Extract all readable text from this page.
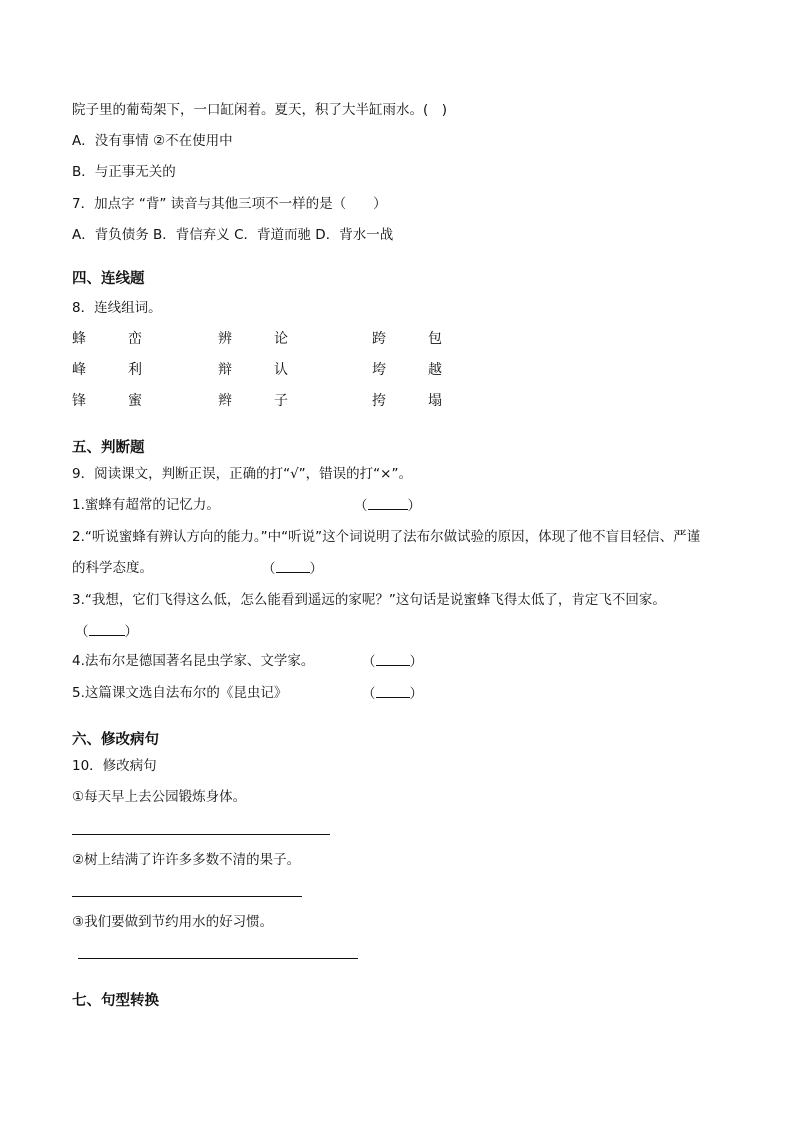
院子里的葡萄架下，一口缸闲着。夏天，积了大半缸雨水。(　)
A．没有事情 ②不在使用中
B．与正事无关的
7．加点字 “背” 读音与其他三项不一样的是（　　）
A．背负债务 B．背信弃义 C．背道而驰 D．背水一战
四、连线题
8．连线组词。
蜂	峦	辨	论	跨	包
峰	利	辩	认	垮	越
锋	蜜	辫	子	挎	塌
五、判断题
9．阅读课文，判断正误，正确的打“√”，错误的打“×”。
1.蜜蜂有超常的记忆力。	（	）
2.“听说蜜蜂有辨认方向的能力。”中“听说”这个词说明了法布尔做试验的原因，体现了他不盲目轻信、严谨
的科学态度。	（	）
3.“我想，它们飞得这么低，怎么能看到遥远的家呢？”这句话是说蜜蜂飞得太低了，肯定飞不回家。
（	）
4.法布尔是德国著名昆虫学家、文学家。	（	）
5.这篇课文选自法布尔的《昆虫记》	（	）
六、修改病句
10．修改病句
①每天早上去公园锻炼身体。
②树上结满了许许多多数不清的果子。
③我们要做到节约用水的好习惯。
七、句型转换
